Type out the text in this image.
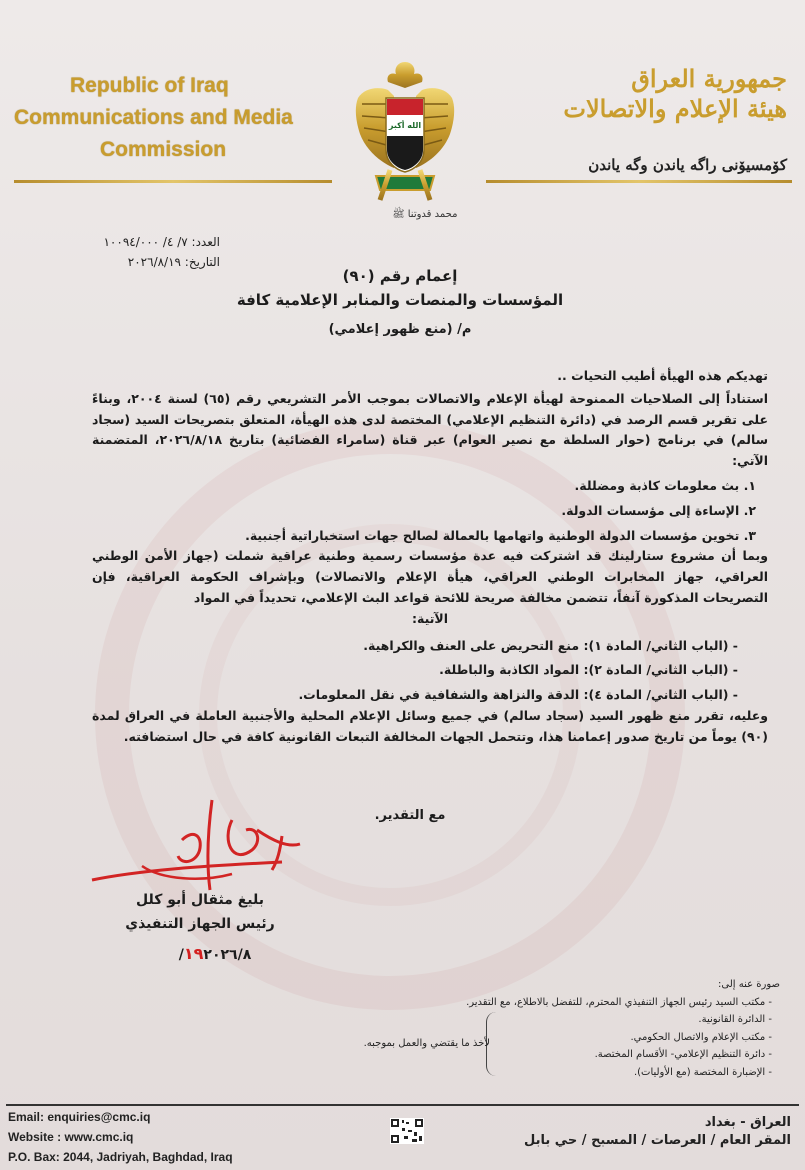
Republic of Iraq
Communications and Media
Commission
الله أكبر
محمد قدوتنا ﷺ
جمهورية العراق
هيئة الإعلام والاتصالات
كۆمسيۆنى راگه ياندن وگه ياندن
العدد: ٧/ ٤/ ١٠٠٩٤/٠٠٠
التاريخ: ٢٠٢٦/٨/١٩
إعمام رقم (٩٠)
المؤسسات والمنصات والمنابر الإعلامية كافة
م/ (منع ظهور إعلامي)

تهديكم هذه الهيأة أطيب التحيات ..

استناداً إلى الصلاحيات الممنوحة لهيأة الإعلام والاتصالات بموجب الأمر التشريعي رقم (٦٥) لسنة ٢٠٠٤، وبناءً على تقرير قسم الرصد في (دائرة التنظيم الإعلامي) المختصة لدى هذه الهيأة، المتعلق بتصريحات السيد (سجاد سالم) في برنامج (حوار السلطة مع نصير العوام) عبر قناة (سامراء الفضائية) بتاريخ ٢٠٢٦/٨/١٨، المتضمنة الآتي:

١. بث معلومات كاذبة ومضللة.

٢. الإساءة إلى مؤسسات الدولة.

٣. تخوين مؤسسات الدولة الوطنية واتهامها بالعمالة لصالح جهات استخباراتية أجنبية.

وبما أن مشروع ستارلينك قد اشتركت فيه عدة مؤسسات رسمية وطنية عراقية شملت (جهاز الأمن الوطني العراقي، جهاز المخابرات الوطني العراقي، هيأة الإعلام والاتصالات) وبإشراف الحكومة العراقية، فإن التصريحات المذكورة آنفاً، تتضمن مخالفة صريحة للائحة قواعد البث الإعلامي، تحديداً في المواد

الآتية:

- (الباب الثاني/ المادة ١): منع التحريض على العنف والكراهية.

- (الباب الثاني/ المادة ٢): المواد الكاذبة والباطلة.

- (الباب الثاني/ المادة ٤): الدقة والنزاهة والشفافية في نقل المعلومات.

وعليه، تقرر منع ظهور السيد (سجاد سالم) في جميع وسائل الإعلام المحلية والأجنبية العاملة في العراق لمدة (٩٠) يوماً من تاريخ صدور إعمامنا هذا، وتتحمل الجهات المخالفة التبعات القانونية كافة في حال استضافته.

مع التقدير.
بليغ مثقال أبو كلل
رئيس الجهاز التنفيذي
١٩٢٠٢٦/٨/
صورة عنه إلى:
- مكتب السيد رئيس الجهاز التنفيذي المحترم، للتفضل بالاطلاع، مع التقدير.
- الدائرة القانونية.
- مكتب الإعلام والاتصال الحكومي.
- دائرة التنظيم الإعلامي- الأقسام المختصة.
- الإضبارة المختصة (مع الأوليات).
لأخذ ما يقتضي والعمل بموجبه.
Email: enquiries@cmc.iq
Website : www.cmc.iq
P.O. Bax: 2044, Jadriyah, Baghdad, Iraq
العراق - بغداد
المقر العام / العرصات / المسبح / حي بابل
